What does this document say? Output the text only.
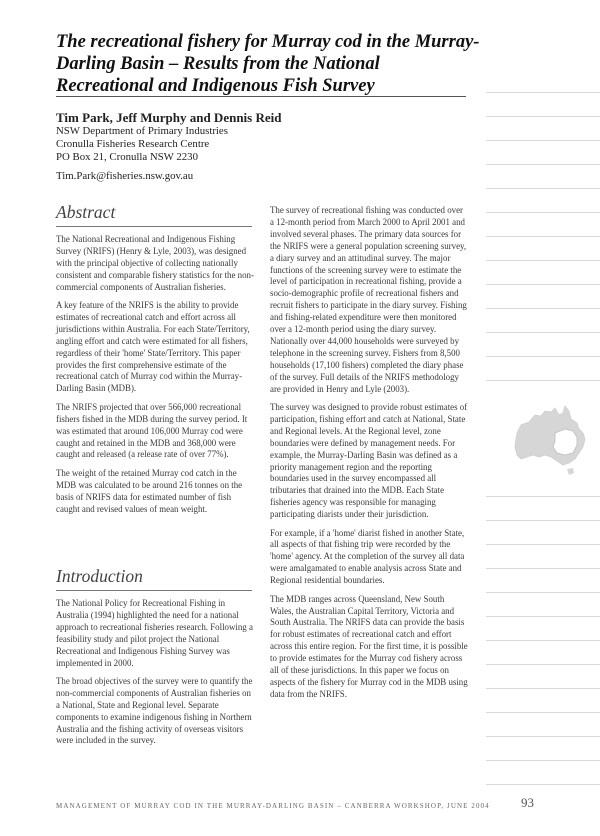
The recreational fishery for Murray cod in the Murray-Darling Basin – Results from the National Recreational and Indigenous Fish Survey
Tim Park, Jeff Murphy and Dennis Reid
NSW Department of Primary Industries
Cronulla Fisheries Research Centre
PO Box 21, Cronulla NSW 2230
Tim.Park@fisheries.nsw.gov.au
Abstract

The National Recreational and Indigenous Fishing Survey (NRIFS) (Henry & Lyle, 2003), was designed with the principal objective of collecting nationally consistent and comparable fishery statistics for the non-commercial components of Australian fisheries.

A key feature of the NRIFS is the ability to provide estimates of recreational catch and effort across all jurisdictions within Australia. For each State/Territory, angling effort and catch were estimated for all fishers, regardless of their 'home' State/Territory. This paper provides the first comprehensive estimate of the recreational catch of Murray cod within the Murray-Darling Basin (MDB).

The NRIFS projected that over 566,000 recreational fishers fished in the MDB during the survey period. It was estimated that around 106,000 Murray cod were caught and retained in the MDB and 368,000 were caught and released (a release rate of over 77%).

The weight of the retained Murray cod catch in the MDB was calculated to be around 216 tonnes on the basis of NRIFS data for estimated number of fish caught and revised values of mean weight.

Introduction

The National Policy for Recreational Fishing in Australia (1994) highlighted the need for a national approach to recreational fisheries research. Following a feasibility study and pilot project the National Recreational and Indigenous Fishing Survey was implemented in 2000.

The broad objectives of the survey were to quantify the non-commercial components of Australian fisheries on a National, State and Regional level. Separate components to examine indigenous fishing in Northern Australia and the fishing activity of overseas visitors were included in the survey.

The survey of recreational fishing was conducted over a 12-month period from March 2000 to April 2001 and involved several phases. The primary data sources for the NRIFS were a general population screening survey, a diary survey and an attitudinal survey. The major functions of the screening survey were to estimate the level of participation in recreational fishing, provide a socio-demographic profile of recreational fishers and recruit fishers to participate in the diary survey. Fishing and fishing-related expenditure were then monitored over a 12-month period using the diary survey. Nationally over 44,000 households were surveyed by telephone in the screening survey. Fishers from 8,500 households (17,100 fishers) completed the diary phase of the survey. Full details of the NRIFS methodology are provided in Henry and Lyle (2003).

The survey was designed to provide robust estimates of participation, fishing effort and catch at National, State and Regional levels. At the Regional level, zone boundaries were defined by management needs. For example, the Murray-Darling Basin was defined as a priority management region and the reporting boundaries used in the survey encompassed all tributaries that drained into the MDB. Each State fisheries agency was responsible for managing participating diarists under their jurisdiction.

For example, if a 'home' diarist fished in another State, all aspects of that fishing trip were recorded by the 'home' agency. At the completion of the survey all data were amalgamated to enable analysis across State and Regional residential boundaries.

The MDB ranges across Queensland, New South Wales, the Australian Capital Territory, Victoria and South Australia. The NRIFS data can provide the basis for robust estimates of recreational catch and effort across this entire region. For the first time, it is possible to provide estimates for the Murray cod fishery across all of these jurisdictions. In this paper we focus on aspects of the fishery for Murray cod in the MDB using data from the NRIFS.

MANAGEMENT OF MURRAY COD IN THE MURRAY-DARLING BASIN – CANBERRA WORKSHOP, JUNE 2004 93
